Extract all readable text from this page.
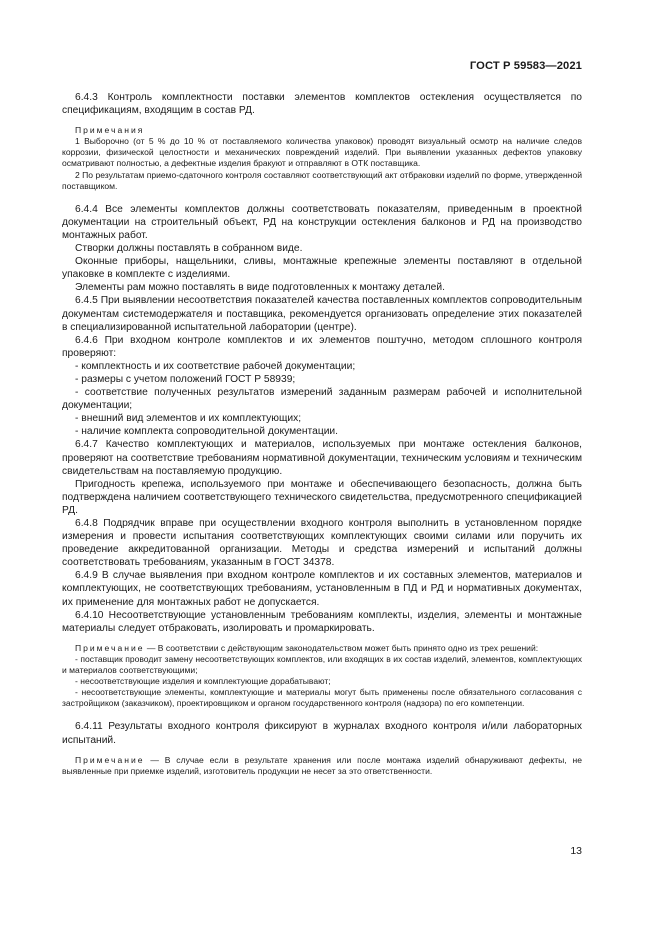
ГОСТ Р 59583—2021

6.4.3 Контроль комплектности поставки элементов комплектов остекления осуществляется по спецификациям, входящим в состав РД.

Примечания

1 Выборочно (от 5 % до 10 % от поставляемого количества упаковок) проводят визуальный осмотр на наличие следов коррозии, физической целостности и механических повреждений изделий. При выявлении указанных дефектов упаковку осматривают полностью, а дефектные изделия бракуют и отправляют в ОТК поставщика.

2 По результатам приемо-сдаточного контроля составляют соответствующий акт отбраковки изделий по форме, утвержденной поставщиком.

6.4.4 Все элементы комплектов должны соответствовать показателям, приведенным в проектной документации на строительный объект, РД на конструкции остекления балконов и РД на производство монтажных работ.

Створки должны поставлять в собранном виде.

Оконные приборы, нащельники, сливы, монтажные крепежные элементы поставляют в отдельной упаковке в комплекте с изделиями.

Элементы рам можно поставлять в виде подготовленных к монтажу деталей.

6.4.5 При выявлении несоответствия показателей качества поставленных комплектов сопроводительным документам системодержателя и поставщика, рекомендуется организовать определение этих показателей в специализированной испытательной лаборатории (центре).

6.4.6 При входном контроле комплектов и их элементов поштучно, методом сплошного контроля проверяют:

- комплектность и их соответствие рабочей документации;

- размеры с учетом положений ГОСТ Р 58939;

- соответствие полученных результатов измерений заданным размерам рабочей и исполнительной документации;

- внешний вид элементов и их комплектующих;

- наличие комплекта сопроводительной документации.

6.4.7 Качество комплектующих и материалов, используемых при монтаже остекления балконов, проверяют на соответствие требованиям нормативной документации, техническим условиям и техническим свидетельствам на поставляемую продукцию.

Пригодность крепежа, используемого при монтаже и обеспечивающего безопасность, должна быть подтверждена наличием соответствующего технического свидетельства, предусмотренного спецификацией РД.

6.4.8 Подрядчик вправе при осуществлении входного контроля выполнить в установленном порядке измерения и провести испытания соответствующих комплектующих своими силами или поручить их проведение аккредитованной организации. Методы и средства измерений и испытаний должны соответствовать требованиям, указанным в ГОСТ 34378.

6.4.9 В случае выявления при входном контроле комплектов и их составных элементов, материалов и комплектующих, не соответствующих требованиям, установленным в ПД и РД и нормативных документах, их применение для монтажных работ не допускается.

6.4.10 Несоответствующие установленным требованиям комплекты, изделия, элементы и монтажные материалы следует отбраковать, изолировать и промаркировать.

Примечание — В соответствии с действующим законодательством может быть принято одно из трех решений:

- поставщик проводит замену несоответствующих комплектов, или входящих в их состав изделий, элементов, комплектующих и материалов соответствующими;

- несоответствующие изделия и комплектующие дорабатывают;

- несоответствующие элементы, комплектующие и материалы могут быть применены после обязательного согласования с застройщиком (заказчиком), проектировщиком и органом государственного контроля (надзора) по его компетенции.

6.4.11 Результаты входного контроля фиксируют в журналах входного контроля и/или лабораторных испытаний.

Примечание — В случае если в результате хранения или после монтажа изделий обнаруживают дефекты, не выявленные при приемке изделий, изготовитель продукции не несет за это ответственности.

13
